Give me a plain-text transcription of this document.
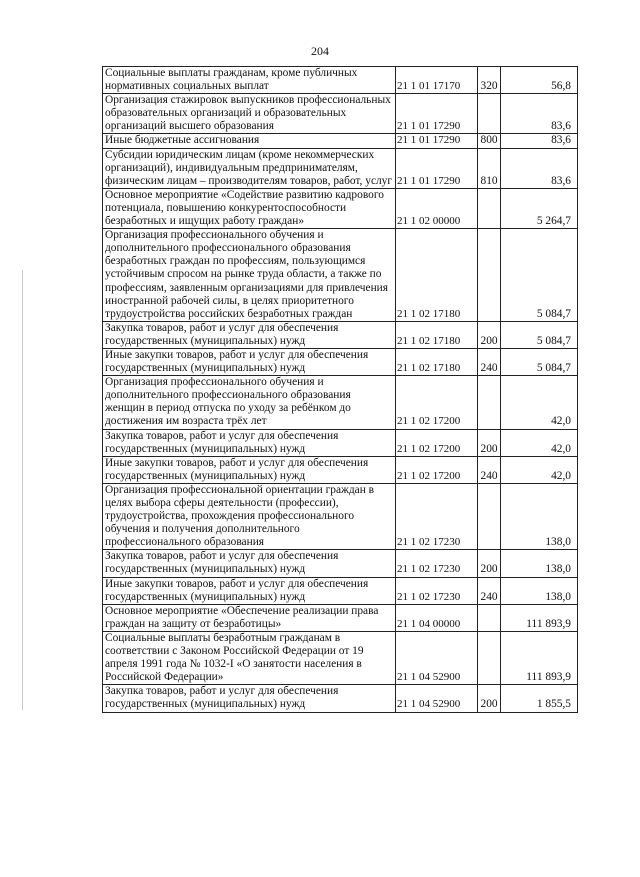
204
Социальные выплаты гражданам, кроме публичных нормативных социальных выплат	21 1 01 17170	320	56,8
Организация стажировок выпускников профессиональных образовательных организаций и образовательных организаций высшего образования	21 1 01 17290		83,6
Иные бюджетные ассигнования	21 1 01 17290	800	83,6
Субсидии юридическим лицам (кроме некоммерческих организаций), индивидуальным предпринимателям, физическим лицам – производителям товаров, работ, услуг	21 1 01 17290	810	83,6
Основное мероприятие «Содействие развитию кадрового потенциала, повышению конкурентоспособности безработных и ищущих работу граждан»	21 1 02 00000		5 264,7
Организация профессионального обучения и дополнительного профессионального образования безработных граждан по профессиям, пользующимся устойчивым спросом на рынке труда области, а также по профессиям, заявленным организациями для привлечения иностранной рабочей силы, в целях приоритетного трудоустройства российских безработных граждан	21 1 02 17180		5 084,7
Закупка товаров, работ и услуг для обеспечения государственных (муниципальных) нужд	21 1 02 17180	200	5 084,7
Иные закупки товаров, работ и услуг для обеспечения государственных (муниципальных) нужд	21 1 02 17180	240	5 084,7
Организация профессионального обучения и дополнительного профессионального образования женщин в период отпуска по уходу за ребёнком до достижения им возраста трёх лет	21 1 02 17200		42,0
Закупка товаров, работ и услуг для обеспечения государственных (муниципальных) нужд	21 1 02 17200	200	42,0
Иные закупки товаров, работ и услуг для обеспечения государственных (муниципальных) нужд	21 1 02 17200	240	42,0
Организация профессиональной ориентации граждан в целях выбора сферы деятельности (профессии), трудоустройства, прохождения профессионального обучения и получения дополнительного профессионального образования	21 1 02 17230		138,0
Закупка товаров, работ и услуг для обеспечения государственных (муниципальных) нужд	21 1 02 17230	200	138,0
Иные закупки товаров, работ и услуг для обеспечения государственных (муниципальных) нужд	21 1 02 17230	240	138,0
Основное мероприятие «Обеспечение реализации права граждан на защиту от безработицы»	21 1 04 00000		111 893,9
Социальные выплаты безработным гражданам в соответствии с Законом Российской Федерации от 19 апреля 1991 года № 1032-I «О занятости населения в Российской Федерации»	21 1 04 52900		111 893,9
Закупка товаров, работ и услуг для обеспечения государственных (муниципальных) нужд	21 1 04 52900	200	1 855,5
